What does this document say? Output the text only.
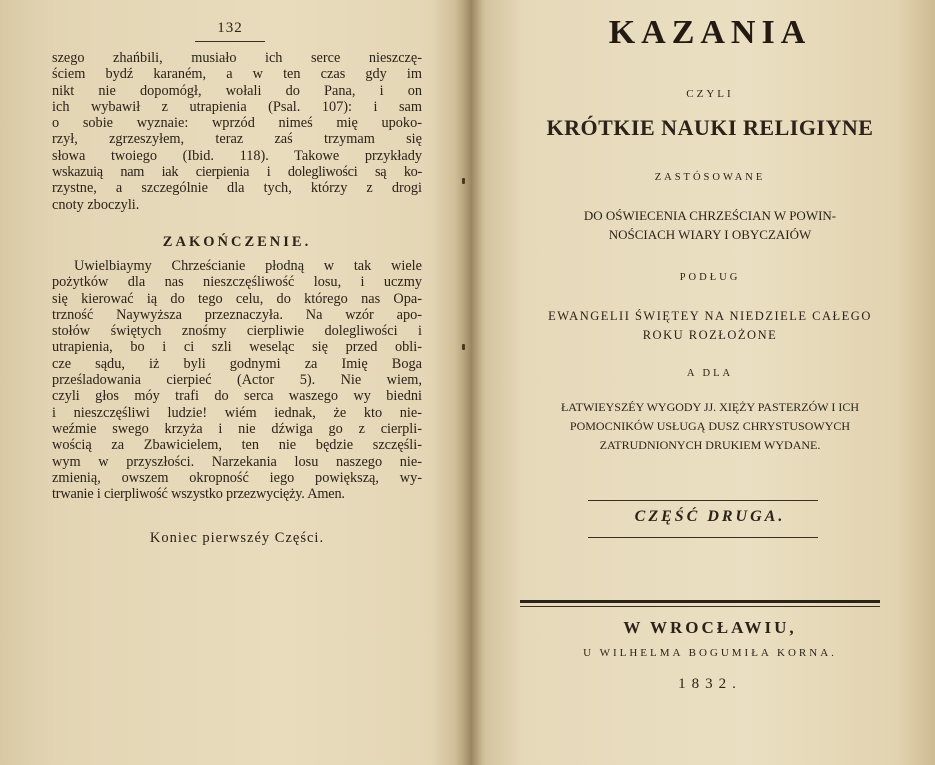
132
szego zhańbili, musiało ich serce nieszczę-
ściem bydź karaném, a w ten czas gdy im
nikt nie dopomógł, wołali do Pana, i on
ich wybawił z utrapienia (Psal. 107): i sam
o sobie wyznaie: wprzód nimeś mię upoko-
rzył, zgrzeszyłem, teraz zaś trzymam się
słowa twoiego (Ibid. 118). Takowe przykłady
wskazuią nam iak cierpienia i dolegliwości są ko-
rzystne, a szczególnie dla tych, którzy z drogi
cnoty zboczyli.
ZAKOŃCZENIE.
Uwielbiaymy Chrześcianie płodną w tak wiele
pożytków dla nas nieszczęśliwość losu, i uczmy
się kierować ią do tego celu, do którego nas Opa-
trzność Naywyższa przeznaczyła. Na wzór apo-
stołów świętych znośmy cierpliwie dolegliwości i
utrapienia, bo i ci szli weseląc się przed obli-
cze sądu, iż byli godnymi za Imię Boga
prześladowania cierpieć (Actor 5). Nie wiem,
czyli głos móy trafi do serca waszego wy biedni
i nieszczęśliwi ludzie! wiém iednak, że kto nie-
weźmie swego krzyża i nie dźwiga go z cierpli-
wością za Zbawicielem, ten nie będzie szczęśli-
wym w przyszłości. Narzekania losu naszego nie-
zmienią, owszem okropność iego powiększą, wy-
trwanie i cierpliwość wszystko przezwycięży. Amen.
Koniec pierwszéy Części.
KAZANIA
CZYLI
KRÓTKIE NAUKI RELIGIYNE
ZASTÓSOWANE
DO OŚWIECENIA CHRZEŚCIAN W POWIN-
NOŚCIACH WIARY I OBYCZAIÓW
PODŁUG
EWANGELII ŚWIĘTEY NA NIEDZIELE CAŁEGO
ROKU ROZŁOŻONE
A DLA
ŁATWIEYSZÉY WYGODY JJ. XIĘŻY PASTERZÓW I ICH
POMOCNIKÓW USŁUGĄ DUSZ CHRYSTUSOWYCH
ZATRUDNIONYCH DRUKIEM WYDANE.
CZĘŚĆ DRUGA.
W WROCŁAWIU,
U WILHELMA BOGUMIŁA KORNA.
1832.
